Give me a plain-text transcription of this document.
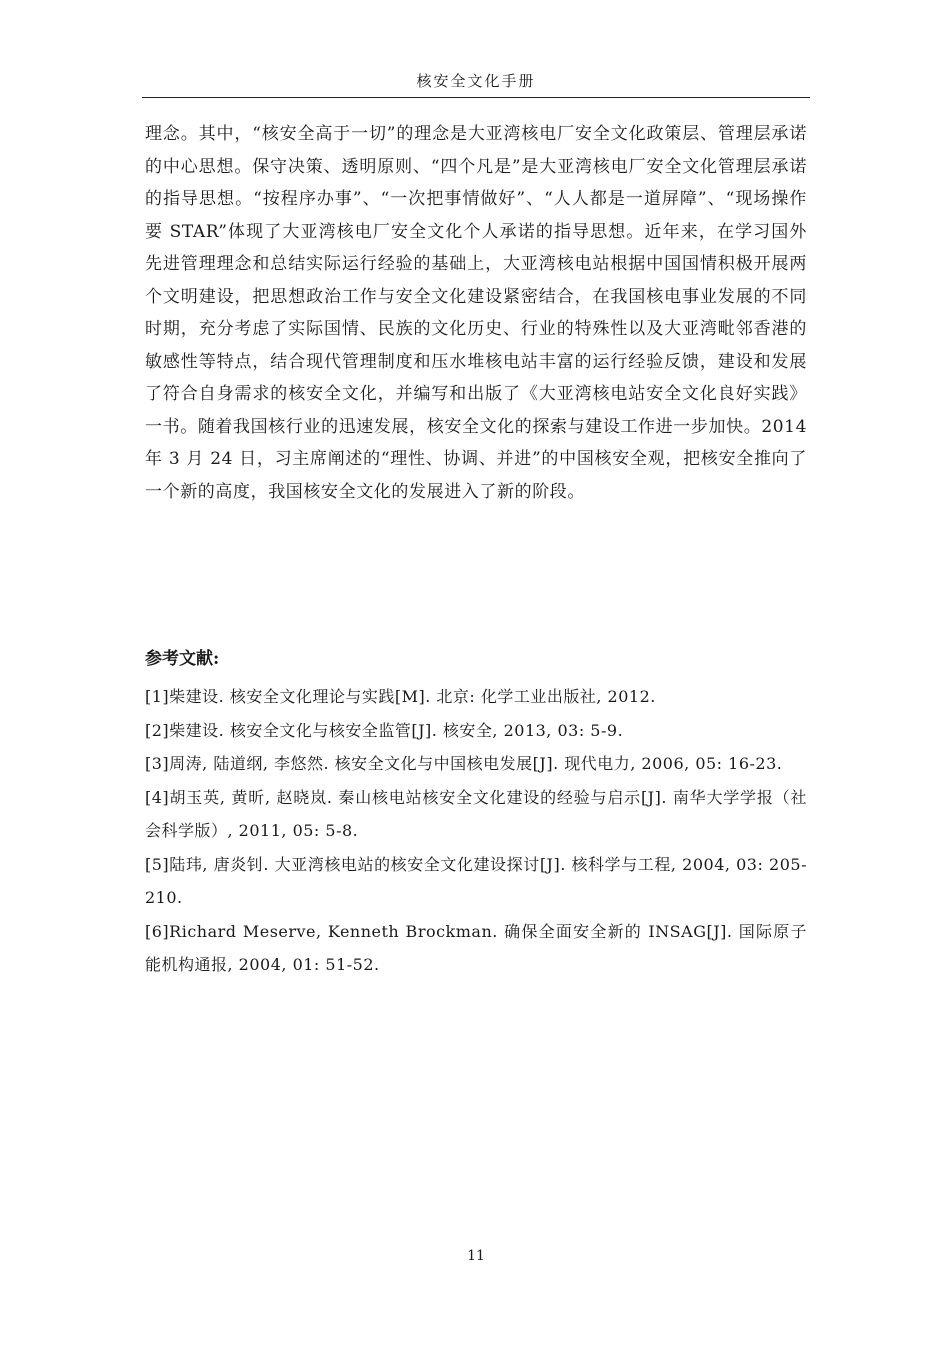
核安全文化手册

理念。其中，“核安全高于一切”的理念是大亚湾核电厂安全文化政策层、管理层承诺的中心思想。保守决策、透明原则、“四个凡是”是大亚湾核电厂安全文化管理层承诺的指导思想。“按程序办事”、“一次把事情做好”、“人人都是一道屏障”、“现场操作要 STAR”体现了大亚湾核电厂安全文化个人承诺的指导思想。近年来，在学习国外先进管理理念和总结实际运行经验的基础上，大亚湾核电站根据中国国情积极开展两个文明建设，把思想政治工作与安全文化建设紧密结合，在我国核电事业发展的不同时期，充分考虑了实际国情、民族的文化历史、行业的特殊性以及大亚湾毗邻香港的敏感性等特点，结合现代管理制度和压水堆核电站丰富的运行经验反馈，建设和发展了符合自身需求的核安全文化，并编写和出版了《大亚湾核电站安全文化良好实践》一书。随着我国核行业的迅速发展，核安全文化的探索与建设工作进一步加快。2014 年 3 月 24 日，习主席阐述的“理性、协调、并进”的中国核安全观，把核安全推向了一个新的高度，我国核安全文化的发展进入了新的阶段。

参考文献:
[1]柴建设. 核安全文化理论与实践[M]. 北京: 化学工业出版社, 2012.
[2]柴建设. 核安全文化与核安全监管[J]. 核安全, 2013, 03: 5-9.
[3]周涛, 陆道纲, 李悠然. 核安全文化与中国核电发展[J]. 现代电力, 2006, 05: 16-23.
[4]胡玉英, 黄昕, 赵晓岚. 秦山核电站核安全文化建设的经验与启示[J]. 南华大学学报（社会科学版）, 2011, 05: 5-8.
[5]陆玮, 唐炎钊. 大亚湾核电站的核安全文化建设探讨[J]. 核科学与工程, 2004, 03: 205-210.
[6]Richard Meserve, Kenneth Brockman. 确保全面安全新的 INSAG[J]. 国际原子能机构通报, 2004, 01: 51-52.
11
